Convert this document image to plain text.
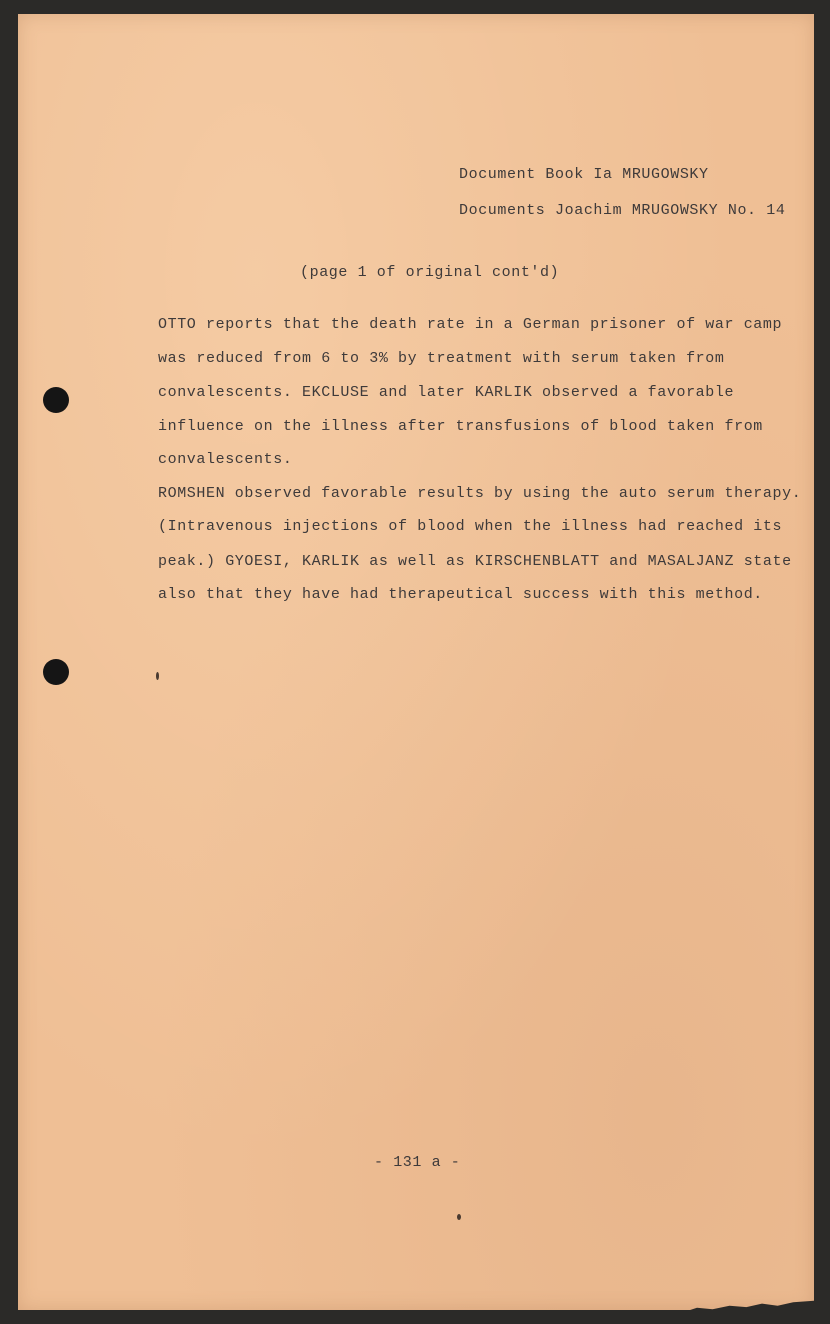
Document Book Ia MRUGOWSKY
Documents Joachim MRUGOWSKY No. 14
(page 1 of original cont'd)
OTTO reports that the death rate in a German prisoner of war camp
was reduced from 6 to 3% by treatment with serum taken from
convalescents. EKCLUSE and later KARLIK observed a favorable
influence on the illness after transfusions of blood taken from
convalescents.
ROMSHEN observed favorable results by using the auto serum therapy.
(Intravenous injections of blood when the illness had reached its
peak.) GYOESI, KARLIK as well as KIRSCHENBLATT and MASALJANZ state
also that they have had therapeutical success with this method.
- 131 a -
